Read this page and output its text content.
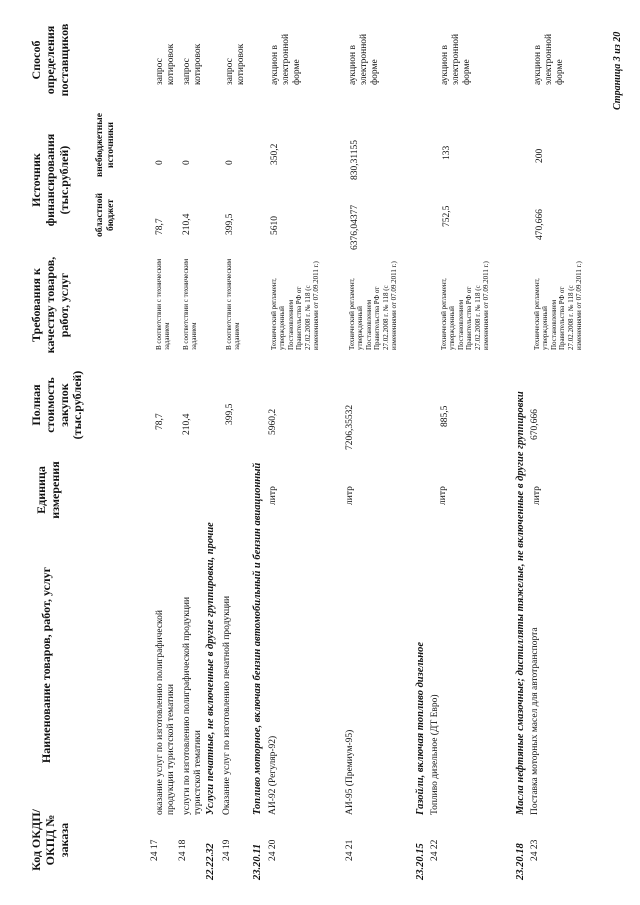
Код ОКДП/ ОКПД № заказа
Наименование товаров, работ, услуг
Единица измерения
Полная стоимость закупок (тыс.рублей)
Требования к качеству товаров, работ, услуг
Источник финансирования (тыс.рублей)
областной бюджет
внебюджетные источники
Способ определения поставщиков
24 17
оказание услуг по изготовлению полиграфической продукции туристской тематики
78,7
В соответствии с техническим заданием
78,7
0
запрос котировок
24 18
услуги по изготовлению полиграфической продукции туристской тематики
210,4
В соответствии с техническим заданием
210,4
0
запрос котировок
22.22.32
Услуги печатные, не включенные в другие группировки, прочие
24 19
Оказание услуг по изготовлению печатной продукции
399,5
В соответствии с техническим заданием
399,5
0
запрос котировок
23.20.11
Топливо моторное, включая бензин автомобильный и бензин авиационный
24 20
АИ-92 (Регуляр-92)
литр
5960,2
Технический регламент, утвержденный Постановлением Правительства РФ от 27.02.2008 г. № 118 (с изменениями от 07.09.2011 г.)
5610
350,2
аукцион в электронной форме
24 21
АИ-95 (Премиум-95)
литр
7206,35532
Технический регламент, утвержденный Постановлением Правительства РФ от 27.02.2008 г. № 118 (с изменениями от 07.09.2011 г.)
6376,04377
830,31155
аукцион в электронной форме
23.20.15
Газойли, включая топливо дизельное
24 22
Топливо дизельное (ДТ Евро)
литр
885,5
Технический регламент, утвержденный Постановлением Правительства РФ от 27.02.2008 г. № 118 (с изменениями от 07.09.2011 г.)
752,5
133
аукцион в электронной форме
23.20.18
Масла нефтяные смазочные; дистилляты тяжелые, не включенные в другие группировки
24 23
Поставка моторных масел для автотранспорта
литр
670,666
Технический регламент, утвержденный Постановлением Правительства РФ от 27.02.2008 г. № 118 (с изменениями от 07.09.2011 г.)
470,666
200
аукцион в электронной форме	Страница 3 из 20
